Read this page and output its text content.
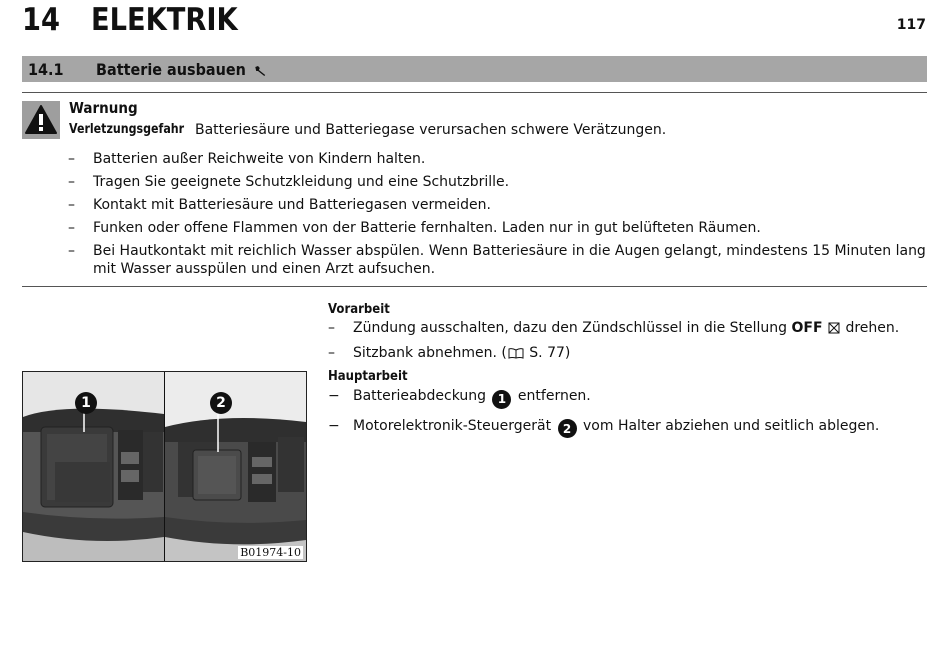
14 ELEKTRIK	117
14.1 Batterie ausbauen
Warnung
Verletzungsgefahr Batteriesäure und Batteriegase verursachen schwere Verätzungen.
– Batterien außer Reichweite von Kindern halten.
– Tragen Sie geeignete Schutzkleidung und eine Schutzbrille.
– Kontakt mit Batteriesäure und Batteriegasen vermeiden.
– Funken oder offene Flammen von der Batterie fernhalten. Laden nur in gut belüfteten Räumen.
– Bei Hautkontakt mit reichlich Wasser abspülen. Wenn Batteriesäure in die Augen gelangt, mindestens 15 Minuten lang mit Wasser ausspülen und einen Arzt aufsuchen.
1	2
B01974-10
Vorarbeit
– Zündung ausschalten, dazu den Zündschlüssel in die Stellung OFF drehen.
– Sitzbank abnehmen. ( S. 77)
Hauptarbeit
− Batterieabdeckung 1 entfernen.
− Motorelektronik-Steuergerät 2 vom Halter abziehen und seitlich ablegen.
